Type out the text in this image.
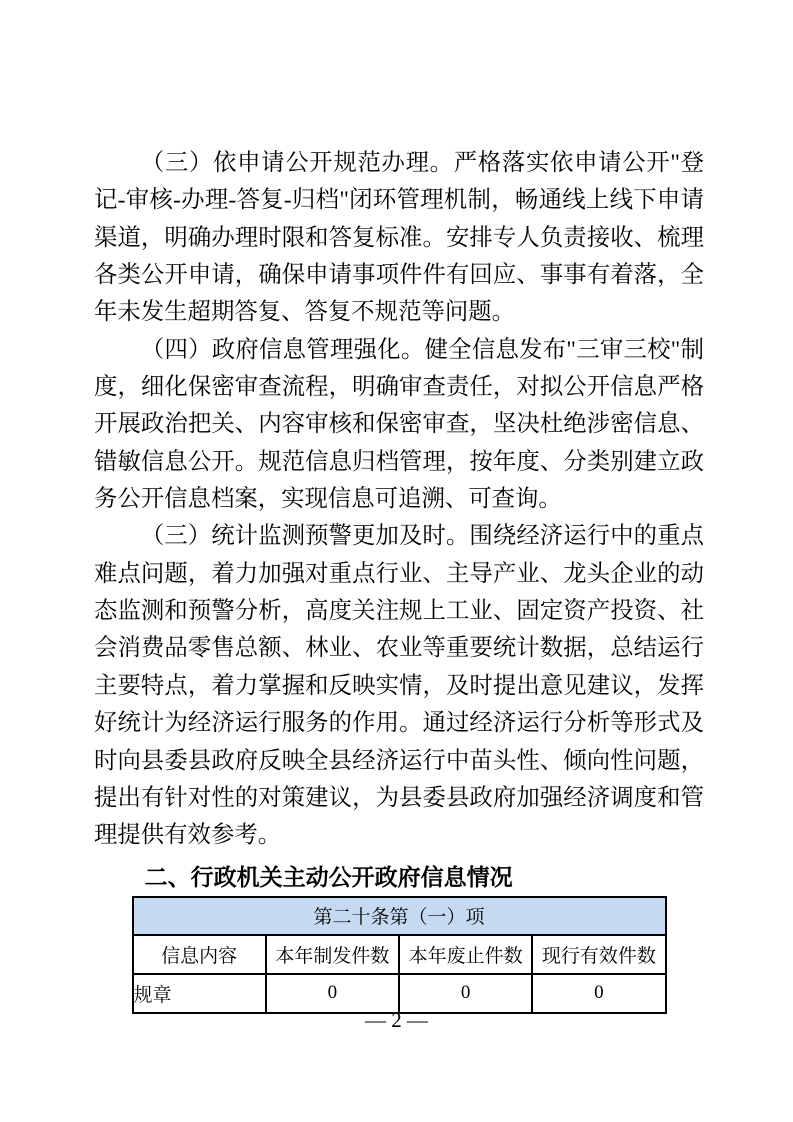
（三）依申请公开规范办理。严格落实依申请公开"登记-审核-办理-答复-归档"闭环管理机制，畅通线上线下申请渠道，明确办理时限和答复标准。安排专人负责接收、梳理各类公开申请，确保申请事项件件有回应、事事有着落，全年未发生超期答复、答复不规范等问题。

（四）政府信息管理强化。健全信息发布"三审三校"制度，细化保密审查流程，明确审查责任，对拟公开信息严格开展政治把关、内容审核和保密审查，坚决杜绝涉密信息、错敏信息公开。规范信息归档管理，按年度、分类别建立政务公开信息档案，实现信息可追溯、可查询。

（三）统计监测预警更加及时。围绕经济运行中的重点难点问题，着力加强对重点行业、主导产业、龙头企业的动态监测和预警分析，高度关注规上工业、固定资产投资、社会消费品零售总额、林业、农业等重要统计数据，总结运行主要特点，着力掌握和反映实情，及时提出意见建议，发挥好统计为经济运行服务的作用。通过经济运行分析等形式及时向县委县政府反映全县经济运行中苗头性、倾向性问题，提出有针对性的对策建议，为县委县政府加强经济调度和管理提供有效参考。

二、行政机关主动公开政府信息情况
第二十条第（一）项			
信息内容	本年制发件数	本年废止件数	现行有效件数
规章	0	0	0
— 2 —
